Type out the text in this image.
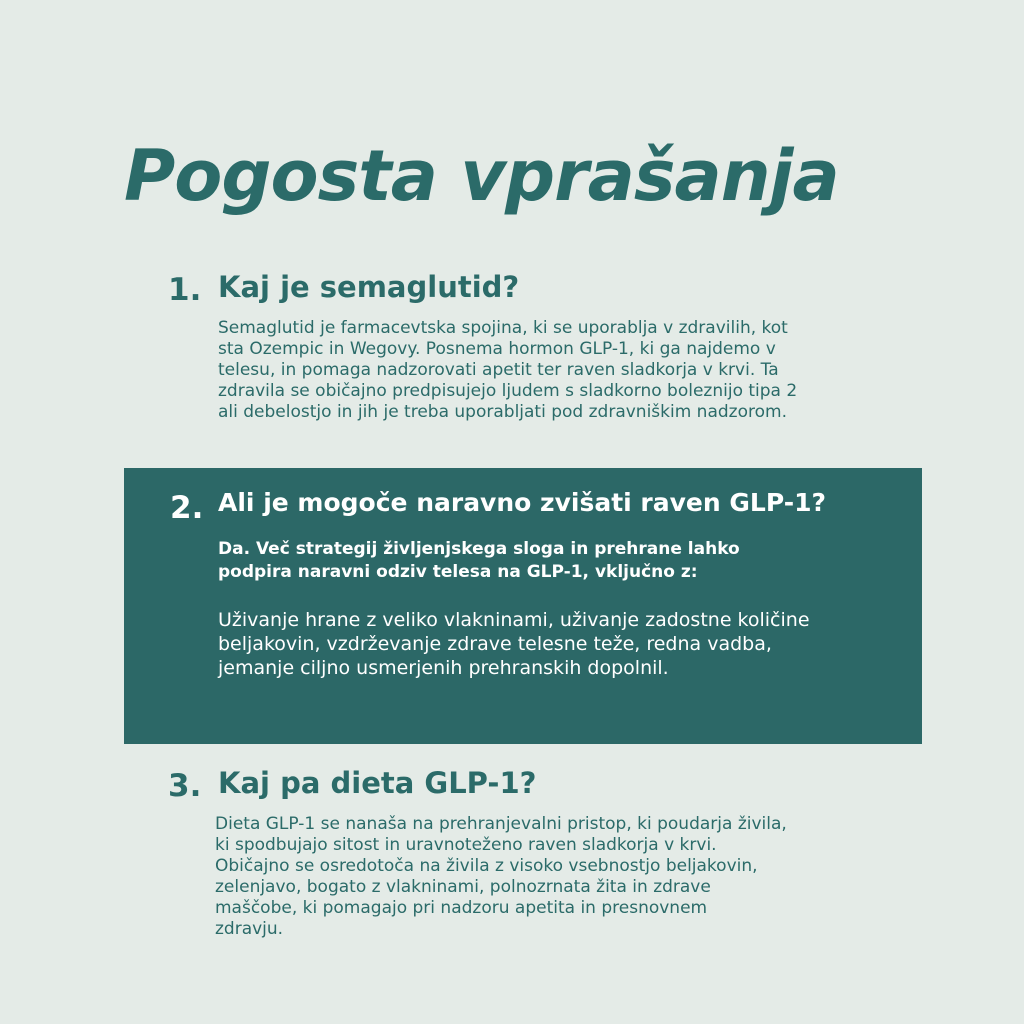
Pogosta vprašanja
1. Kaj je semaglutid?

Semaglutid je farmacevtska spojina, ki se uporablja v zdravilih, kot
sta Ozempic in Wegovy. Posnema hormon GLP-1, ki ga najdemo v
telesu, in pomaga nadzorovati apetit ter raven sladkorja v krvi. Ta
zdravila se običajno predpisujejo ljudem s sladkorno boleznijo tipa 2
ali debelostjo in jih je treba uporabljati pod zdravniškim nadzorom.

2. Ali je mogoče naravno zvišati raven GLP-1?

Da. Več strategij življenjskega sloga in prehrane lahko
podpira naravni odziv telesa na GLP-1, vključno z:

Uživanje hrane z veliko vlakninami, uživanje zadostne količine
beljakovin, vzdrževanje zdrave telesne teže, redna vadba,
jemanje ciljno usmerjenih prehranskih dopolnil.

3. Kaj pa dieta GLP-1?

Dieta GLP-1 se nanaša na prehranjevalni pristop, ki poudarja živila,
ki spodbujajo sitost in uravnoteženo raven sladkorja v krvi.
Običajno se osredotoča na živila z visoko vsebnostjo beljakovin,
zelenjavo, bogato z vlakninami, polnozrnata žita in zdrave
maščobe, ki pomagajo pri nadzoru apetita in presnovnem
zdravju.
